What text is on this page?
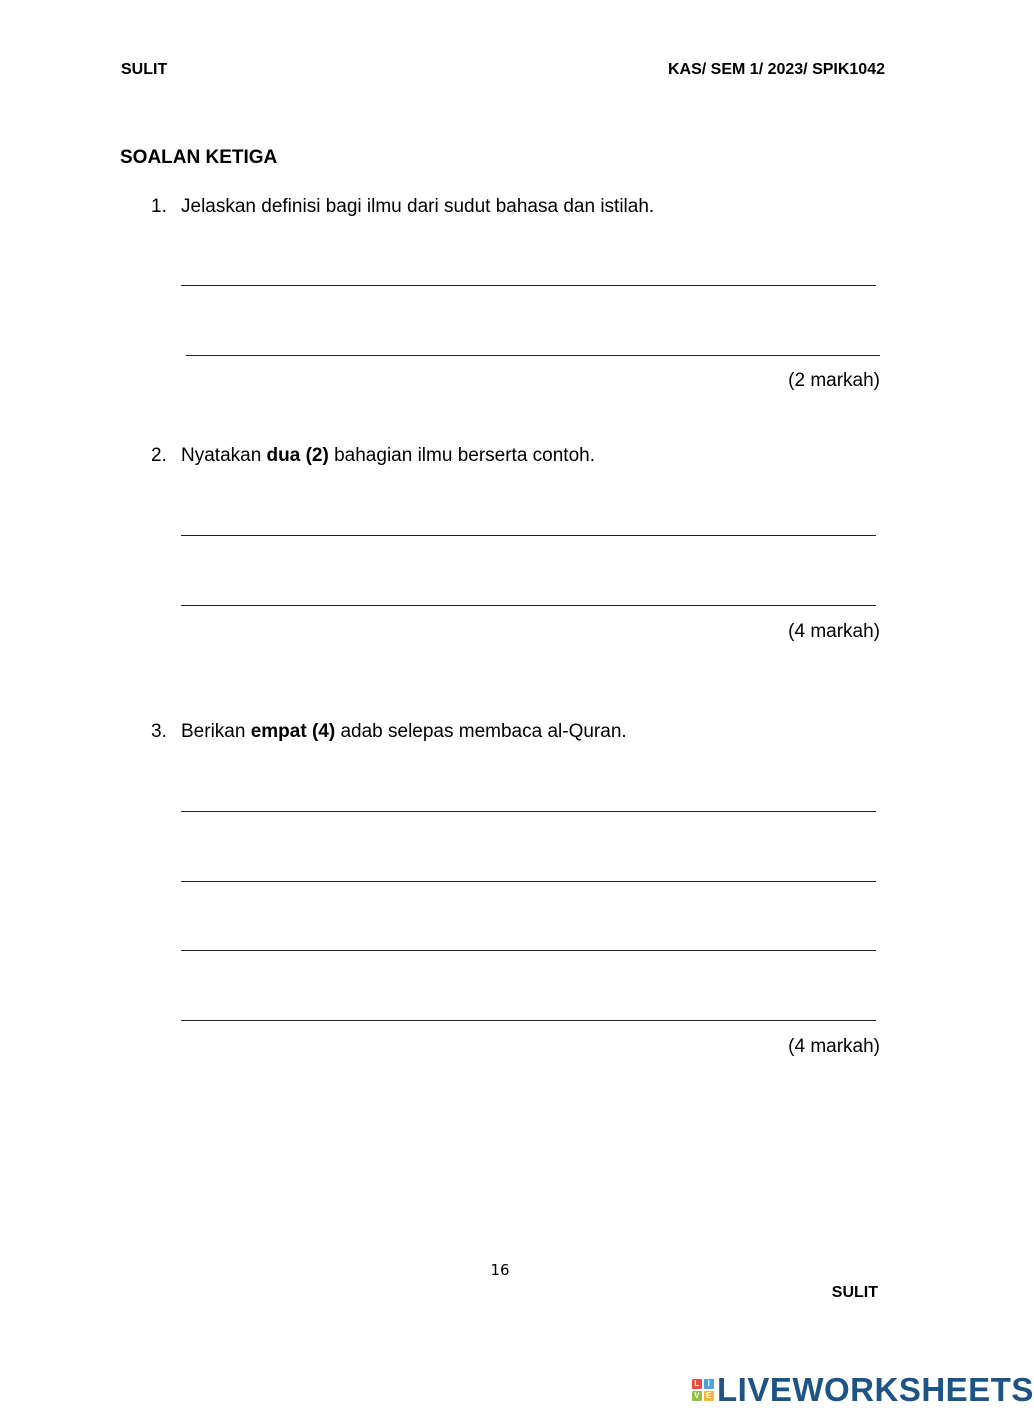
SULIT	KAS/ SEM 1/ 2023/ SPIK1042
SOALAN KETIGA
1. Jelaskan definisi bagi ilmu dari sudut bahasa dan istilah.
(2 markah)
2. Nyatakan dua (2) bahagian ilmu berserta contoh.
(4 markah)
3. Berikan empat (4) adab selepas membaca al-Quran.
(4 markah)
16
SULIT
L I
V E LIVEWORKSHEETS
